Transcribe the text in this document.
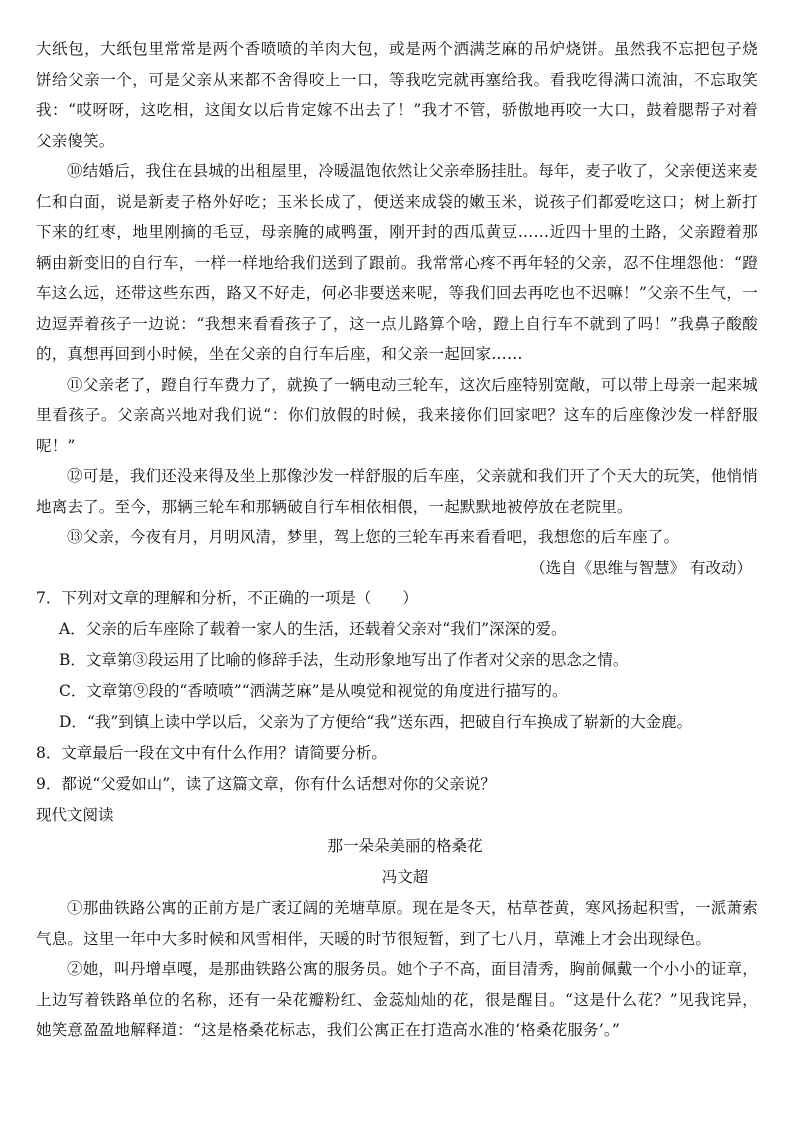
大纸包，大纸包里常常是两个香喷喷的羊肉大包，或是两个洒满芝麻的吊炉烧饼。虽然我不忘把包子烧饼给父亲一个，可是父亲从来都不舍得咬上一口，等我吃完就再塞给我。看我吃得满口流油，不忘取笑我：“哎呀呀，这吃相，这闺女以后肯定嫁不出去了！”我才不管，骄傲地再咬一大口，鼓着腮帮子对着父亲傻笑。

⑩结婚后，我住在县城的出租屋里，冷暖温饱依然让父亲牵肠挂肚。每年，麦子收了，父亲便送来麦仁和白面，说是新麦子格外好吃；玉米长成了，便送来成袋的嫩玉米，说孩子们都爱吃这口；树上新打下来的红枣，地里刚摘的毛豆，母亲腌的咸鸭蛋，刚开封的西瓜黄豆……近四十里的土路，父亲蹬着那辆由新变旧的自行车，一样一样地给我们送到了跟前。我常常心疼不再年轻的父亲，忍不住埋怨他：“蹬车这么远，还带这些东西，路又不好走，何必非要送来呢，等我们回去再吃也不迟嘛！”父亲不生气，一边逗弄着孩子一边说：“我想来看看孩子了，这一点儿路算个啥，蹬上自行车不就到了吗！”我鼻子酸酸的，真想再回到小时候，坐在父亲的自行车后座，和父亲一起回家……

⑪父亲老了，蹬自行车费力了，就换了一辆电动三轮车，这次后座特别宽敞，可以带上母亲一起来城里看孩子。父亲高兴地对我们说“：你们放假的时候，我来接你们回家吧？这车的后座像沙发一样舒服呢！”

⑫可是，我们还没来得及坐上那像沙发一样舒服的后车座，父亲就和我们开了个天大的玩笑，他悄悄地离去了。至今，那辆三轮车和那辆破自行车相依相偎，一起默默地被停放在老院里。

⑬父亲，今夜有月，月明风清，梦里，驾上您的三轮车再来看看吧，我想您的后车座了。

（选自《思维与智慧》 有改动）

7．下列对文章的理解和分析，不正确的一项是（　　）

A．父亲的后车座除了载着一家人的生活，还载着父亲对“我们”深深的爱。

B．文章第③段运用了比喻的修辞手法，生动形象地写出了作者对父亲的思念之情。

C．文章第⑨段的“香喷喷”“洒满芝麻”是从嗅觉和视觉的角度进行描写的。

D．“我”到镇上读中学以后，父亲为了方便给“我”送东西，把破自行车换成了崭新的大金鹿。

8．文章最后一段在文中有什么作用？请简要分析。

9．都说“父爱如山”，读了这篇文章，你有什么话想对你的父亲说？

现代文阅读

那一朵朵美丽的格桑花

冯文超

①那曲铁路公寓的正前方是广袤辽阔的羌塘草原。现在是冬天，枯草苍黄，寒风扬起积雪，一派萧索气息。这里一年中大多时候和风雪相伴，天暖的时节很短暂，到了七八月，草滩上才会出现绿色。

②她，叫丹增卓嘎，是那曲铁路公寓的服务员。她个子不高，面目清秀，胸前佩戴一个小小的证章，上边写着铁路单位的名称，还有一朵花瓣粉红、金蕊灿灿的花，很是醒目。“这是什么花？”见我诧异，她笑意盈盈地解释道：“这是格桑花标志，我们公寓正在打造高水准的‘格桑花服务’。”
